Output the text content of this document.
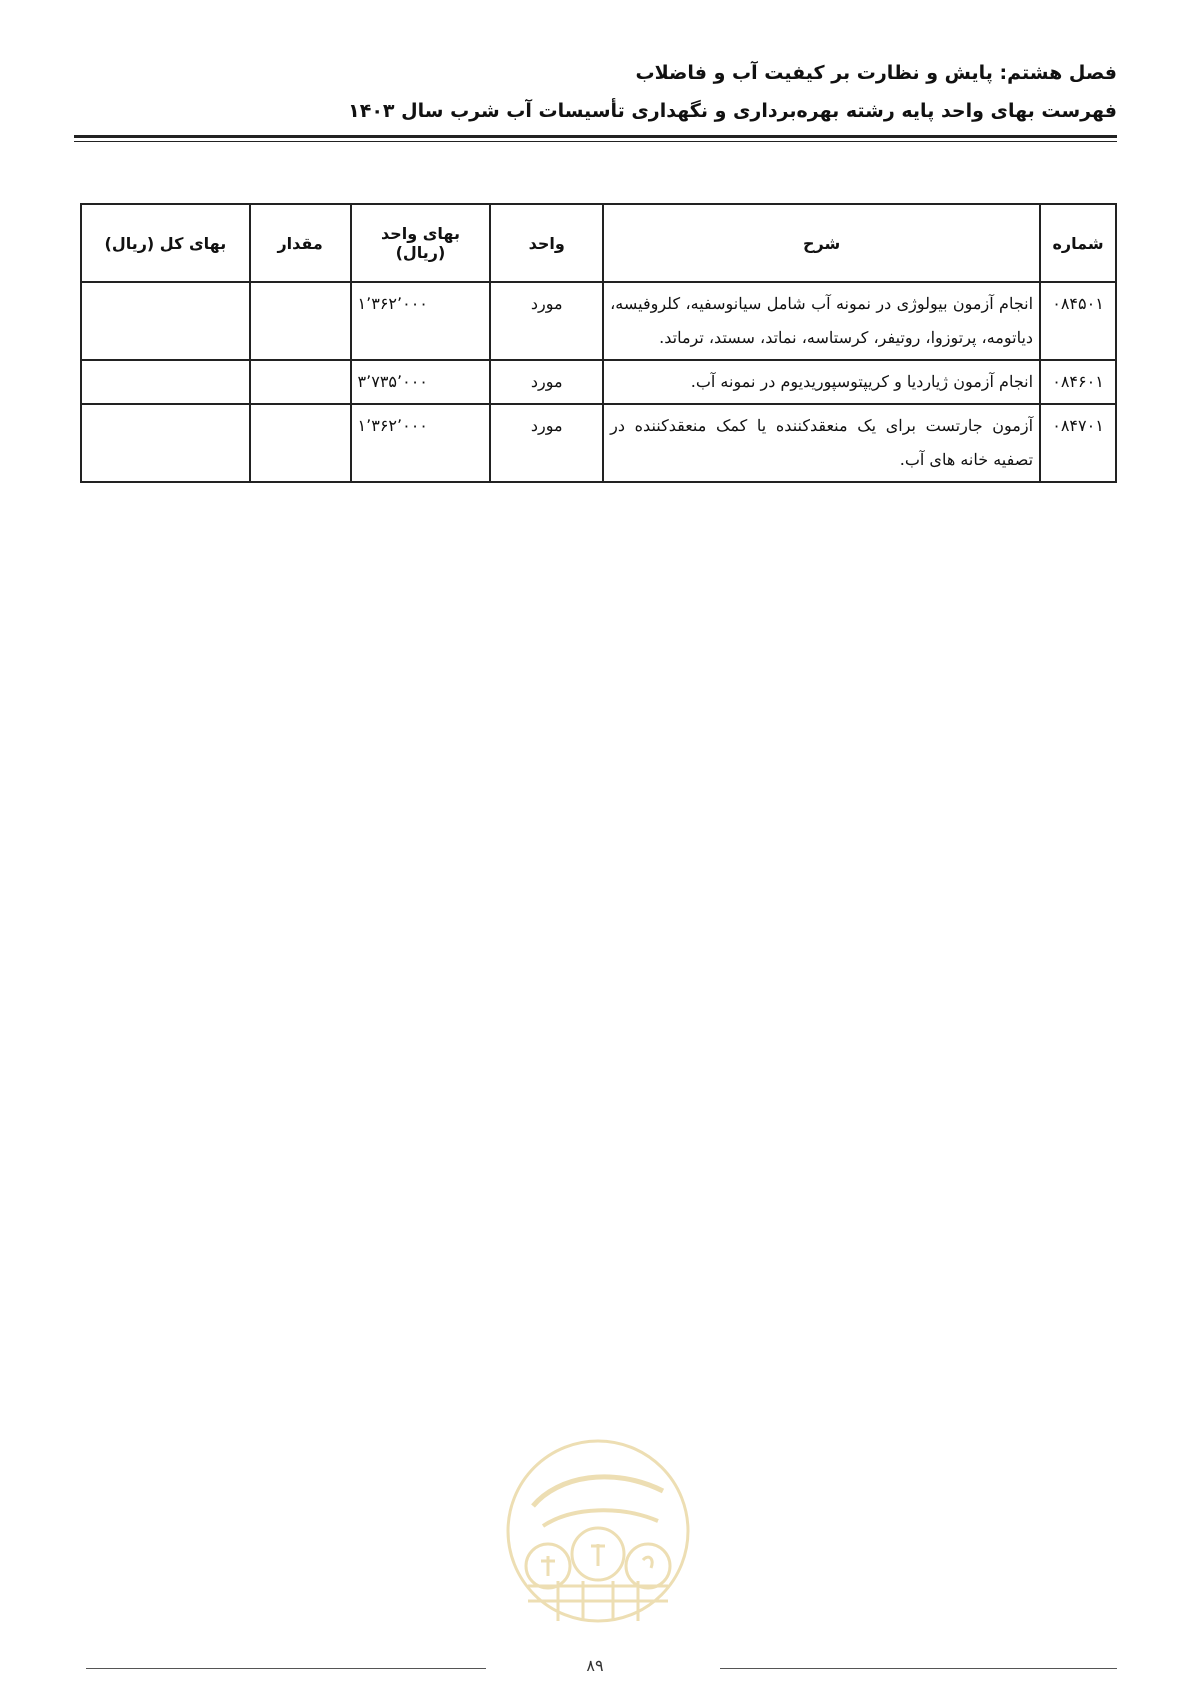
فصل هشتم: پایش و نظارت بر کیفیت آب و فاضلاب
فهرست بهای واحد پایه رشته بهره‌برداری و نگهداری تأسیسات آب شرب سال ۱۴۰۳
شماره	شرح	واحد	بهای واحد (ریال)	مقدار	بهای کل (ریال)
۰۸۴۵۰۱	انجام آزمون بیولوژی در نمونه آب شامل سیانوسفیه، کلروفیسه، دیاتومه، پرتوزوا، روتیفر، کرستاسه، نماتد، سستد، ترماتد.	مورد	۱٬۳۶۲٬۰۰۰		
۰۸۴۶۰۱	انجام آزمون ژیاردیا و کریپتوسپوریدیوم در نمونه آب.	مورد	۳٬۷۳۵٬۰۰۰		
۰۸۴۷۰۱	آزمون جارتست برای یک منعقدکننده یا کمک منعقدکننده در تصفیه خانه های آب.	مورد	۱٬۳۶۲٬۰۰۰		
۸۹
